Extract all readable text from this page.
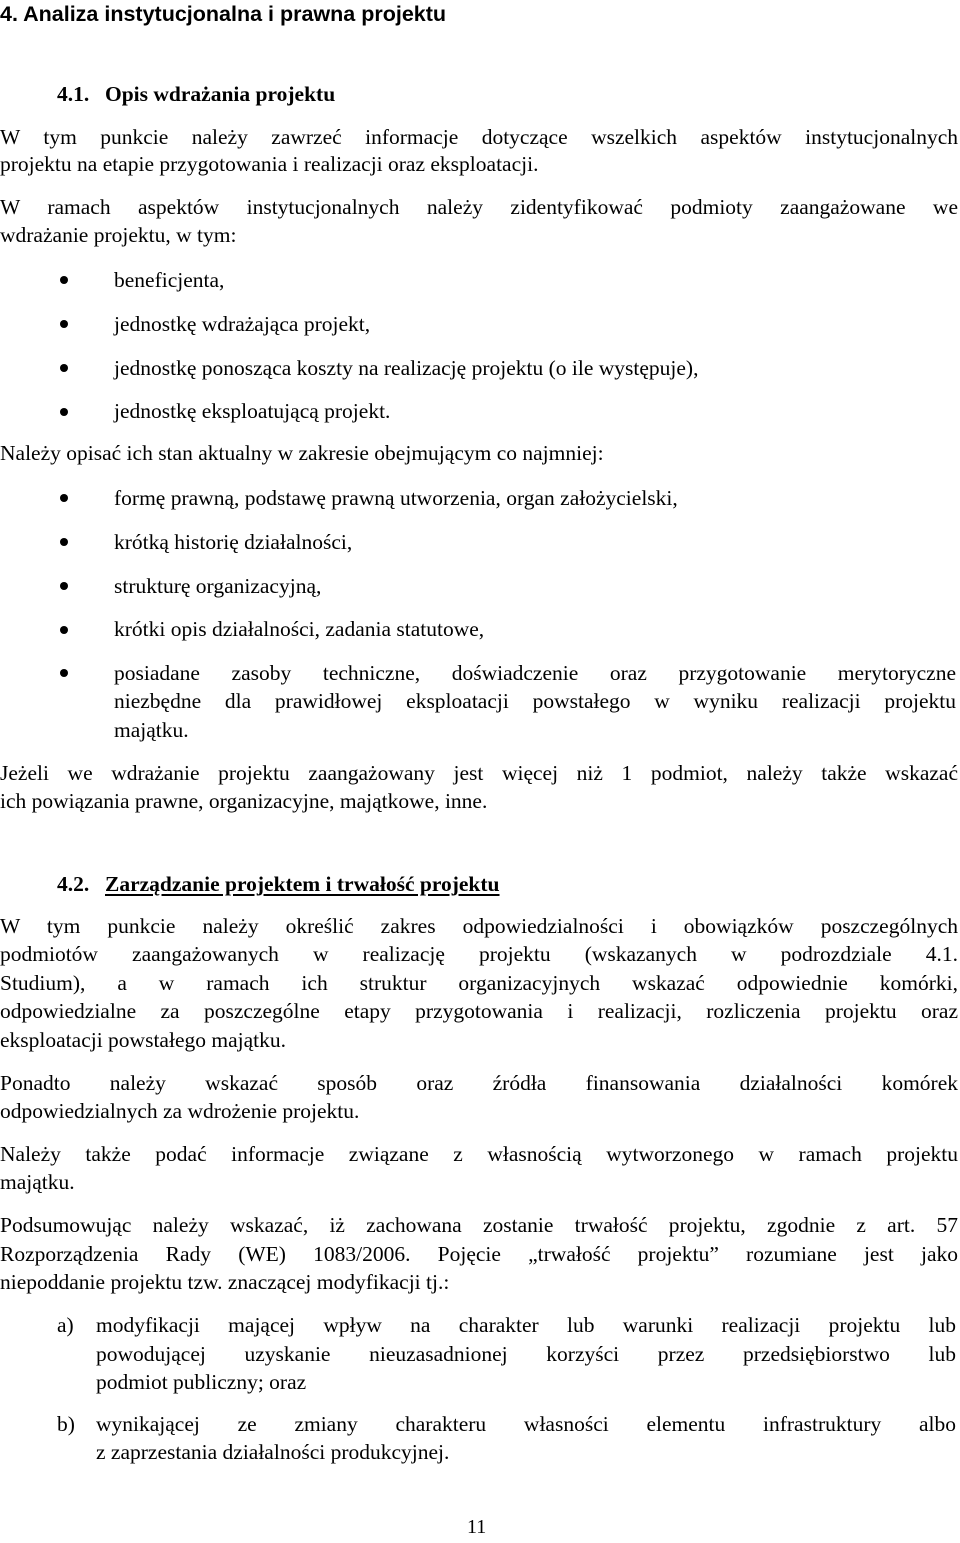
4. Analiza instytucjonalna i prawna projektu
4.1. Opis wdrażania projektu
W tym punkcie należy zawrzeć informacje dotyczące wszelkich aspektów instytucjonalnych
projektu na etapie przygotowania i realizacji oraz eksploatacji.
W ramach aspektów instytucjonalnych należy zidentyfikować podmioty zaangażowane we
wdrażanie projektu, w tym:
beneficjenta,
jednostkę wdrażająca projekt,
jednostkę ponosząca koszty na realizację projektu (o ile występuje),
jednostkę eksploatującą projekt.
Należy opisać ich stan aktualny w zakresie obejmującym co najmniej:
formę prawną, podstawę prawną utworzenia, organ założycielski,
krótką historię działalności,
strukturę organizacyjną,
krótki opis działalności, zadania statutowe,
posiadane zasoby techniczne, doświadczenie oraz przygotowanie merytoryczne
niezbędne dla prawidłowej eksploatacji powstałego w wyniku realizacji projektu
majątku.
Jeżeli we wdrażanie projektu zaangażowany jest więcej niż 1 podmiot, należy także wskazać
ich powiązania prawne, organizacyjne, majątkowe, inne.
4.2. Zarządzanie projektem i trwałość projektu
W tym punkcie należy określić zakres odpowiedzialności i obowiązków poszczególnych
podmiotów zaangażowanych w realizację projektu (wskazanych w podrozdziale 4.1.
Studium), a w ramach ich struktur organizacyjnych wskazać odpowiednie komórki,
odpowiedzialne za poszczególne etapy przygotowania i realizacji, rozliczenia projektu oraz
eksploatacji powstałego majątku.
Ponadto należy wskazać sposób oraz źródła finansowania działalności komórek
odpowiedzialnych za wdrożenie projektu.
Należy także podać informacje związane z własnością wytworzonego w ramach projektu
majątku.
Podsumowując należy wskazać, iż zachowana zostanie trwałość projektu, zgodnie z art. 57
Rozporządzenia Rady (WE) 1083/2006. Pojęcie „trwałość projektu” rozumiane jest jako
niepoddanie projektu tzw. znaczącej modyfikacji tj.:
a) modyfikacji mającej wpływ na charakter lub warunki realizacji projektu lub
powodującej uzyskanie nieuzasadnionej korzyści przez przedsiębiorstwo lub
podmiot publiczny; oraz
b) wynikającej ze zmiany charakteru własności elementu infrastruktury albo
z zaprzestania działalności produkcyjnej.
11
